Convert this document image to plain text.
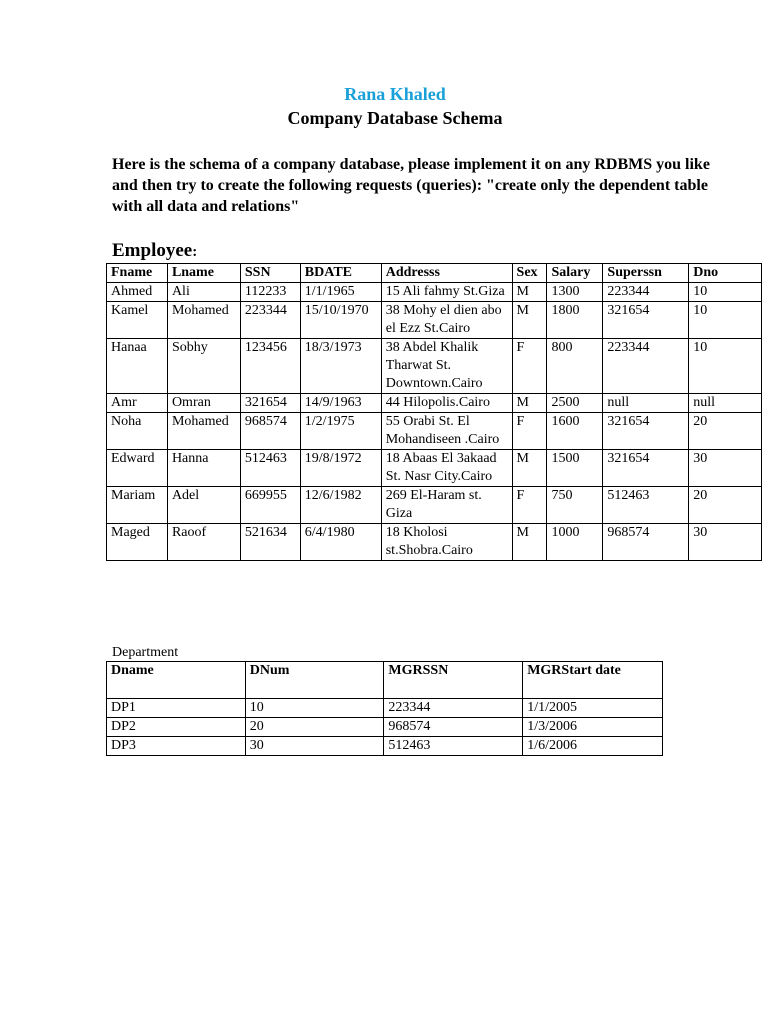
Rana Khaled
Company Database Schema
Here is the schema of a company database, please implement it on any RDBMS you like and then try to create the following requests (queries): "create only the dependent table with all data and relations"
Employee:
Fname	Lname	SSN	BDATE	Addresss	Sex	Salary	Superssn	Dno
Ahmed	Ali	112233	1/1/1965	15 Ali fahmy St.Giza	M	1300	223344	10
Kamel	Mohamed	223344	15/10/1970	38 Mohy el dien abo el Ezz St.Cairo	M	1800	321654	10
Hanaa	Sobhy	123456	18/3/1973	38 Abdel Khalik Tharwat St. Downtown.Cairo	F	800	223344	10
Amr	Omran	321654	14/9/1963	44 Hilopolis.Cairo	M	2500	null	null
Noha	Mohamed	968574	1/2/1975	55 Orabi St. El Mohandiseen .Cairo	F	1600	321654	20
Edward	Hanna	512463	19/8/1972	18 Abaas El 3akaad St. Nasr City.Cairo	M	1500	321654	30
Mariam	Adel	669955	12/6/1982	269 El-Haram st. Giza	F	750	512463	20
Maged	Raoof	521634	6/4/1980	18 Kholosi st.Shobra.Cairo	M	1000	968574	30
Department
Dname	DNum	MGRSSN	MGRStart date
DP1	10	223344	1/1/2005
DP2	20	968574	1/3/2006
DP3	30	512463	1/6/2006
